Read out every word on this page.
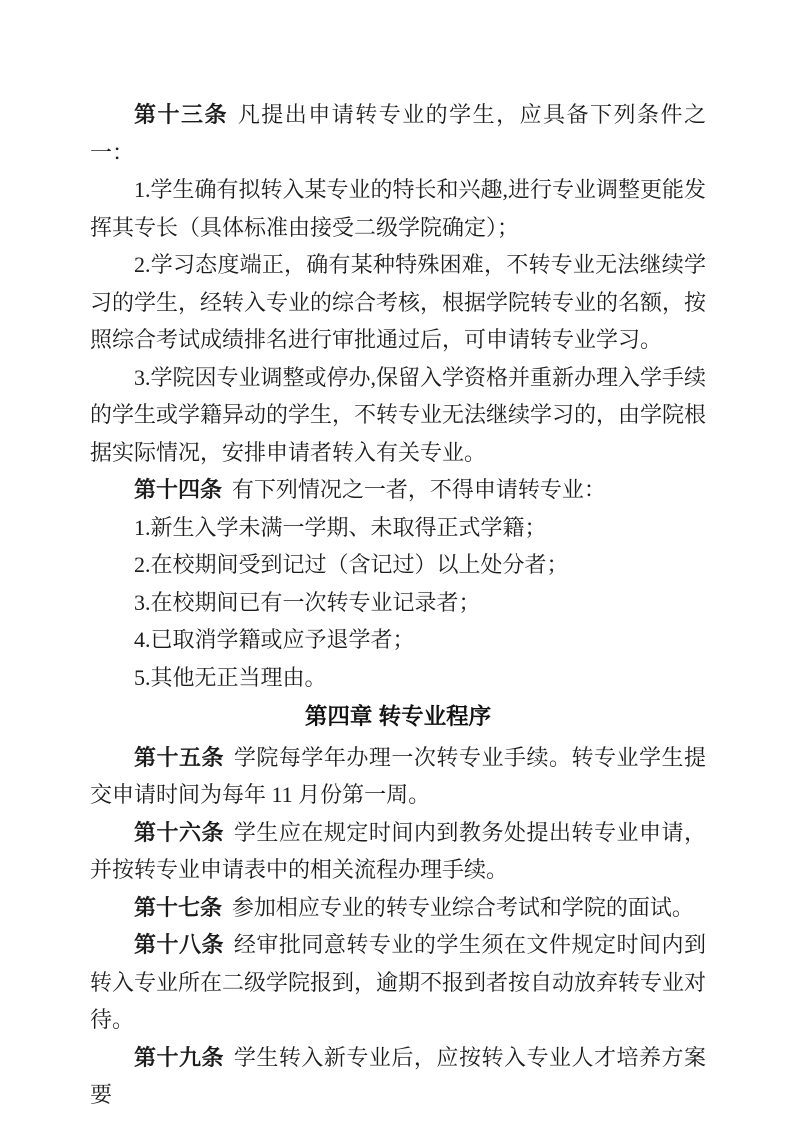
第十三条 凡提出申请转专业的学生，应具备下列条件之一：

1.学生确有拟转入某专业的特长和兴趣,进行专业调整更能发挥其专长（具体标准由接受二级学院确定）；

2.学习态度端正，确有某种特殊困难，不转专业无法继续学习的学生，经转入专业的综合考核，根据学院转专业的名额，按照综合考试成绩排名进行审批通过后，可申请转专业学习。

3.学院因专业调整或停办,保留入学资格并重新办理入学手续的学生或学籍异动的学生，不转专业无法继续学习的，由学院根据实际情况，安排申请者转入有关专业。

第十四条 有下列情况之一者，不得申请转专业：

1.新生入学未满一学期、未取得正式学籍；

2.在校期间受到记过（含记过）以上处分者；

3.在校期间已有一次转专业记录者；

4.已取消学籍或应予退学者；

5.其他无正当理由。

第四章 转专业程序

第十五条 学院每学年办理一次转专业手续。转专业学生提交申请时间为每年 11 月份第一周。

第十六条 学生应在规定时间内到教务处提出转专业申请，并按转专业申请表中的相关流程办理手续。

第十七条 参加相应专业的转专业综合考试和学院的面试。

第十八条 经审批同意转专业的学生须在文件规定时间内到转入专业所在二级学院报到，逾期不报到者按自动放弃转专业对待。

第十九条 学生转入新专业后，应按转入专业人才培养方案要
